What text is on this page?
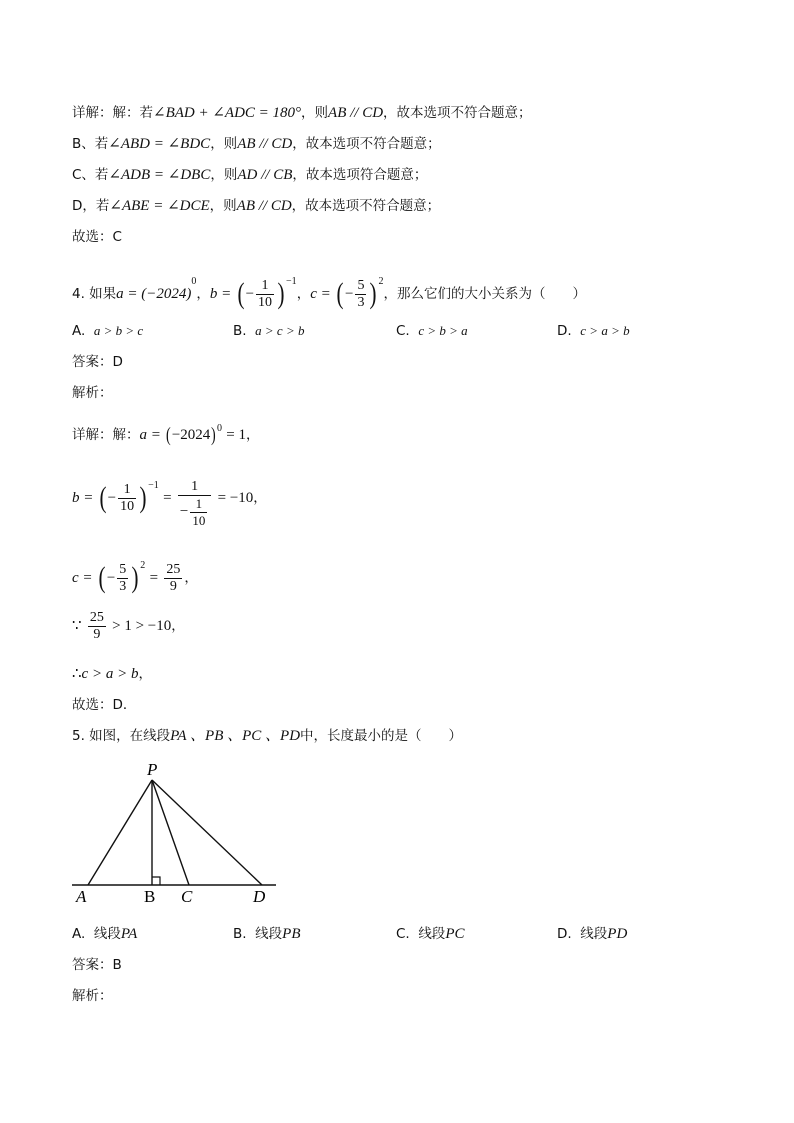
详解：解：若∠BAD + ∠ADC = 180°，则AB // CD，故本选项不符合题意；
B、若∠ABD = ∠BDC，则AB // CD，故本选项不符合题意；
C、若∠ADB = ∠DBC，则AD // CB，故本选项符合题意；
D，若∠ABE = ∠DCE，则AB // CD，故本选项不符合题意；
故选：C
4. 如果$a = (-2024)^0$，b = ( − $\frac{1}{10}$ ) $^{-1}$，c = ( − $\frac{5}{3}$ ) $^2$，那么它们的大小关系为（　　）
A. a > b > c	B. a > c > b	C. c > b > a	D. c > a > b
答案：D
解析：
详解：解：$a = (-2024)^0 = 1$，
b = ( − $\frac{1}{10}$ ) $^{-1} = \frac{1}{- \frac{1}{10}} = -10$，
c = ( − $\frac{5}{3}$ ) $^2 = \frac{25}{9}$ ，
∵ $\frac{25}{9} > 1 > -10$，
∴c > a > b，
故选：D．
5. 如图，在线段PA 、PB 、PC 、PD中，长度最小的是（　　）
P
A	B C	D
A. 线段PA	B. 线段PB	C. 线段PC	D. 线段PD
答案：B
解析：
